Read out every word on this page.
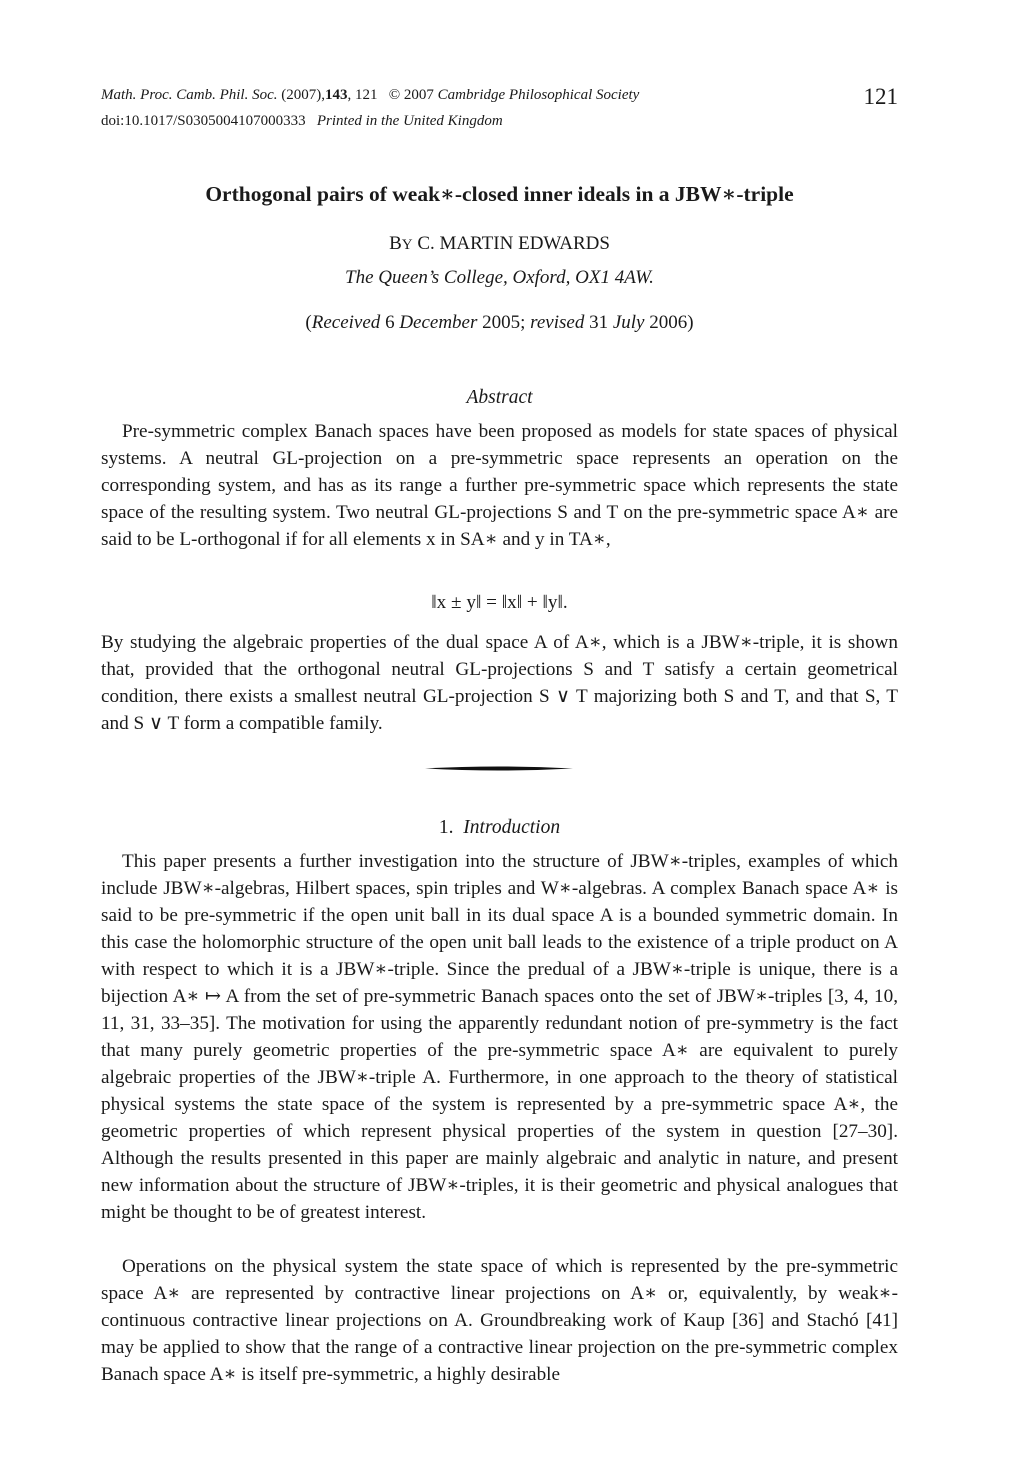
Math. Proc. Camb. Phil. Soc. (2007),143, 121 © 2007 Cambridge Philosophical Society
doi:10.1017/S0305004107000333 Printed in the United Kingdom
121
Orthogonal pairs of weak∗-closed inner ideals in a JBW∗-triple
BY C. MARTIN EDWARDS
The Queen’s College, Oxford, OX1 4AW.
(Received 6 December 2005; revised 31 July 2006)
Abstract

Pre-symmetric complex Banach spaces have been proposed as models for state spaces of physical systems. A neutral GL-projection on a pre-symmetric space represents an operation on the corresponding system, and has as its range a further pre-symmetric space which represents the state space of the resulting system. Two neutral GL-projections S and T on the pre-symmetric space A∗ are said to be L-orthogonal if for all elements x in SA∗ and y in TA∗,

‖x ± y‖ = ‖x‖ + ‖y‖.

By studying the algebraic properties of the dual space A of A∗, which is a JBW∗-triple, it is shown that, provided that the orthogonal neutral GL-projections S and T satisfy a certain geometrical condition, there exists a smallest neutral GL-projection S ∨ T majorizing both S and T, and that S, T and S ∨ T form a compatible family.

1. Introduction

This paper presents a further investigation into the structure of JBW∗-triples, examples of which include JBW∗-algebras, Hilbert spaces, spin triples and W∗-algebras. A complex Banach space A∗ is said to be pre-symmetric if the open unit ball in its dual space A is a bounded symmetric domain. In this case the holomorphic structure of the open unit ball leads to the existence of a triple product on A with respect to which it is a JBW∗-triple. Since the predual of a JBW∗-triple is unique, there is a bijection A∗ ↦ A from the set of pre-symmetric Banach spaces onto the set of JBW∗-triples [3, 4, 10, 11, 31, 33–35]. The motivation for using the apparently redundant notion of pre-symmetry is the fact that many purely geometric properties of the pre-symmetric space A∗ are equivalent to purely algebraic properties of the JBW∗-triple A. Furthermore, in one approach to the theory of statistical physical systems the state space of the system is represented by a pre-symmetric space A∗, the geometric properties of which represent physical properties of the system in question [27–30]. Although the results presented in this paper are mainly algebraic and analytic in nature, and present new information about the structure of JBW∗-triples, it is their geometric and physical analogues that might be thought to be of greatest interest.

Operations on the physical system the state space of which is represented by the pre-symmetric space A∗ are represented by contractive linear projections on A∗ or, equivalently, by weak∗-continuous contractive linear projections on A. Groundbreaking work of Kaup [36] and Stachó [41] may be applied to show that the range of a contractive linear projection on the pre-symmetric complex Banach space A∗ is itself pre-symmetric, a highly desirable
